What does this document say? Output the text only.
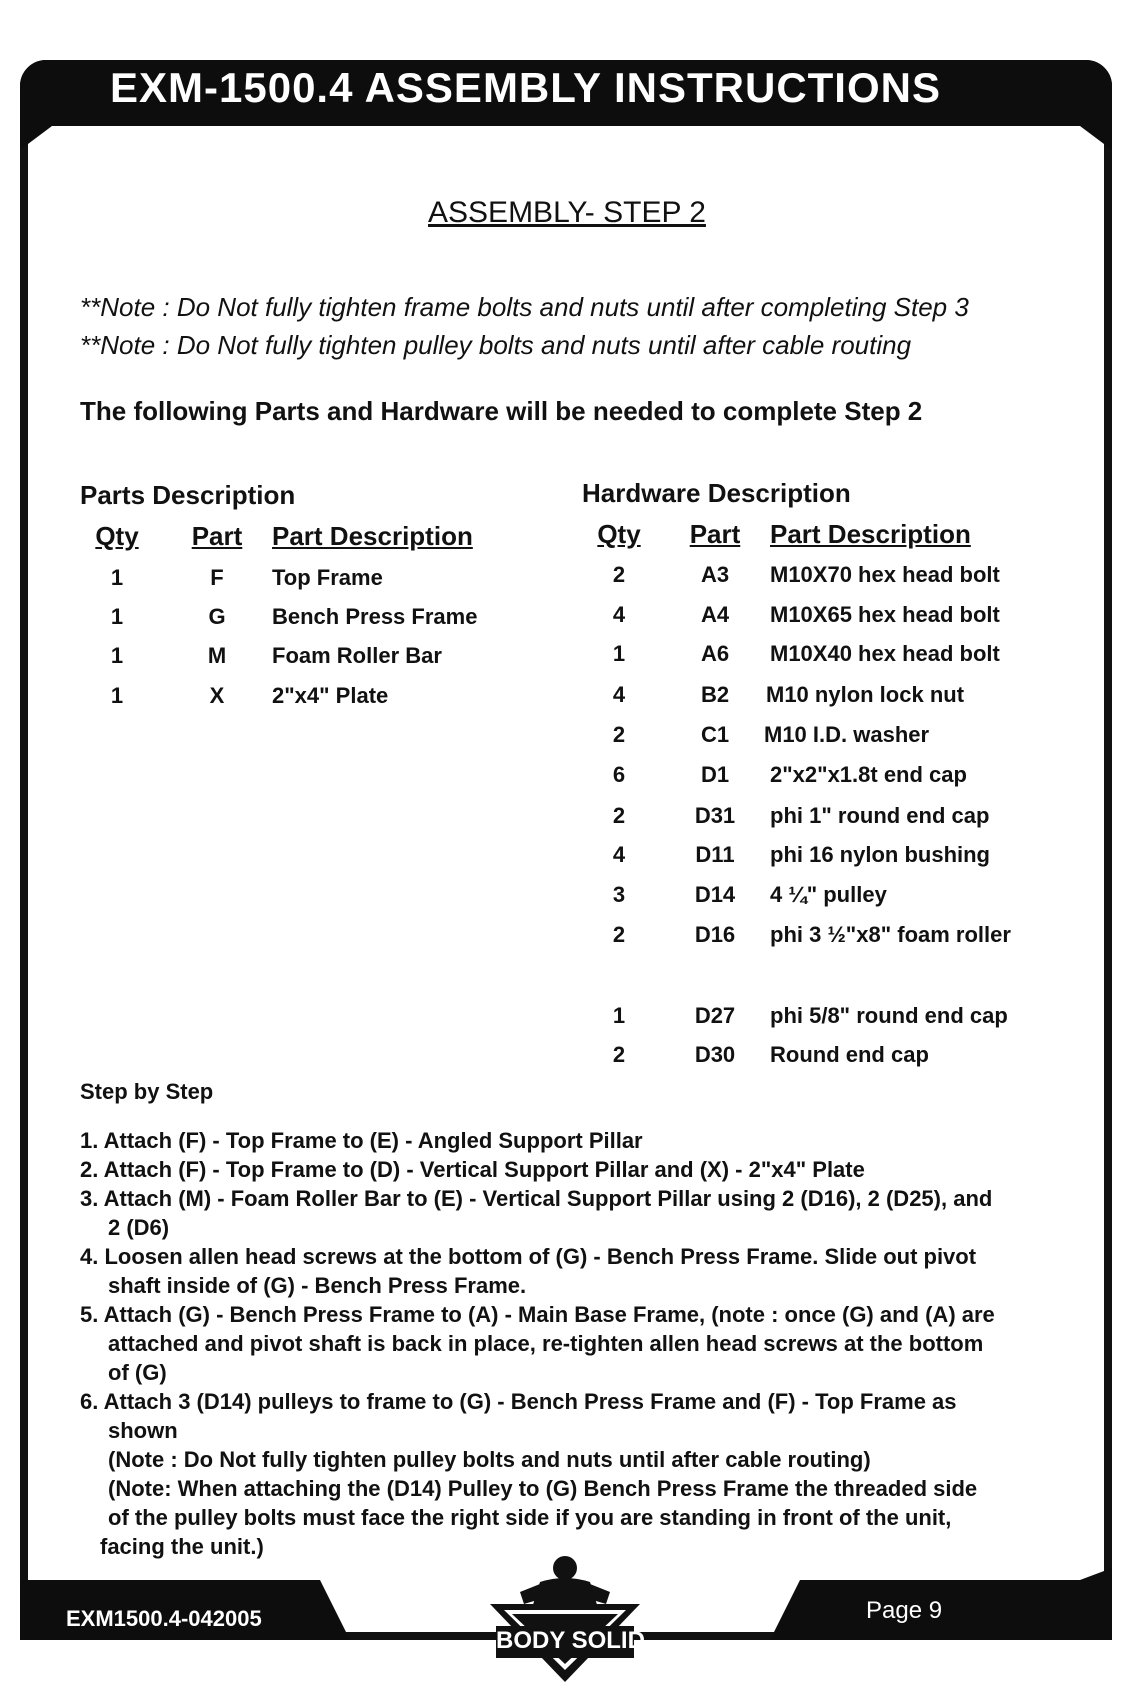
EXM-1500.4 ASSEMBLY INSTRUCTIONS
ASSEMBLY- STEP 2
**Note : Do Not fully tighten frame bolts and nuts until after completing Step 3
**Note : Do Not fully tighten pulley bolts and nuts until after cable routing
The following Parts and Hardware will be needed to complete Step 2
Parts Description
Qty	Part Part Description
1	F	Top Frame
1	G	Bench Press Frame
1	M	Foam Roller Bar
1	X	2"x4" Plate
Hardware Description
Qty	Part Part Description
2	A3	M10X70 hex head bolt
4	A4	M10X65 hex head bolt
1	A6	M10X40 hex head bolt
4	B2	M10 nylon lock nut
2	C1	M10 I.D. washer
6	D1	2"x2"x1.8t end cap
2	D31	phi 1" round end cap
4	D11	phi 16 nylon bushing
3	D14	4 ¼" pulley
2	D16	phi 3 ½"x8" foam roller
1	D27	phi 5/8" round end cap
2	D30	Round end cap
Step by Step
1. Attach (F) - Top Frame to (E) - Angled Support Pillar
2. Attach (F) - Top Frame to (D) - Vertical Support Pillar and (X) - 2"x4" Plate
3. Attach (M) - Foam Roller Bar to (E) - Vertical Support Pillar using 2 (D16), 2 (D25), and
2 (D6)
4. Loosen allen head screws at the bottom of (G) - Bench Press Frame. Slide out pivot
shaft inside of (G) - Bench Press Frame.
5. Attach (G) - Bench Press Frame to (A) - Main Base Frame, (note : once (G) and (A) are
attached and pivot shaft is back in place, re-tighten allen head screws at the bottom
of (G)
6. Attach 3 (D14) pulleys to frame to (G) - Bench Press Frame and (F) - Top Frame as
shown
(Note : Do Not fully tighten pulley bolts and nuts until after cable routing)
(Note: When attaching the (D14) Pulley to (G) Bench Press Frame the threaded side
of the pulley bolts must face the right side if you are standing in front of the unit,
facing the unit.)
EXM1500.4-042005	Page 9
BODY SOLID
